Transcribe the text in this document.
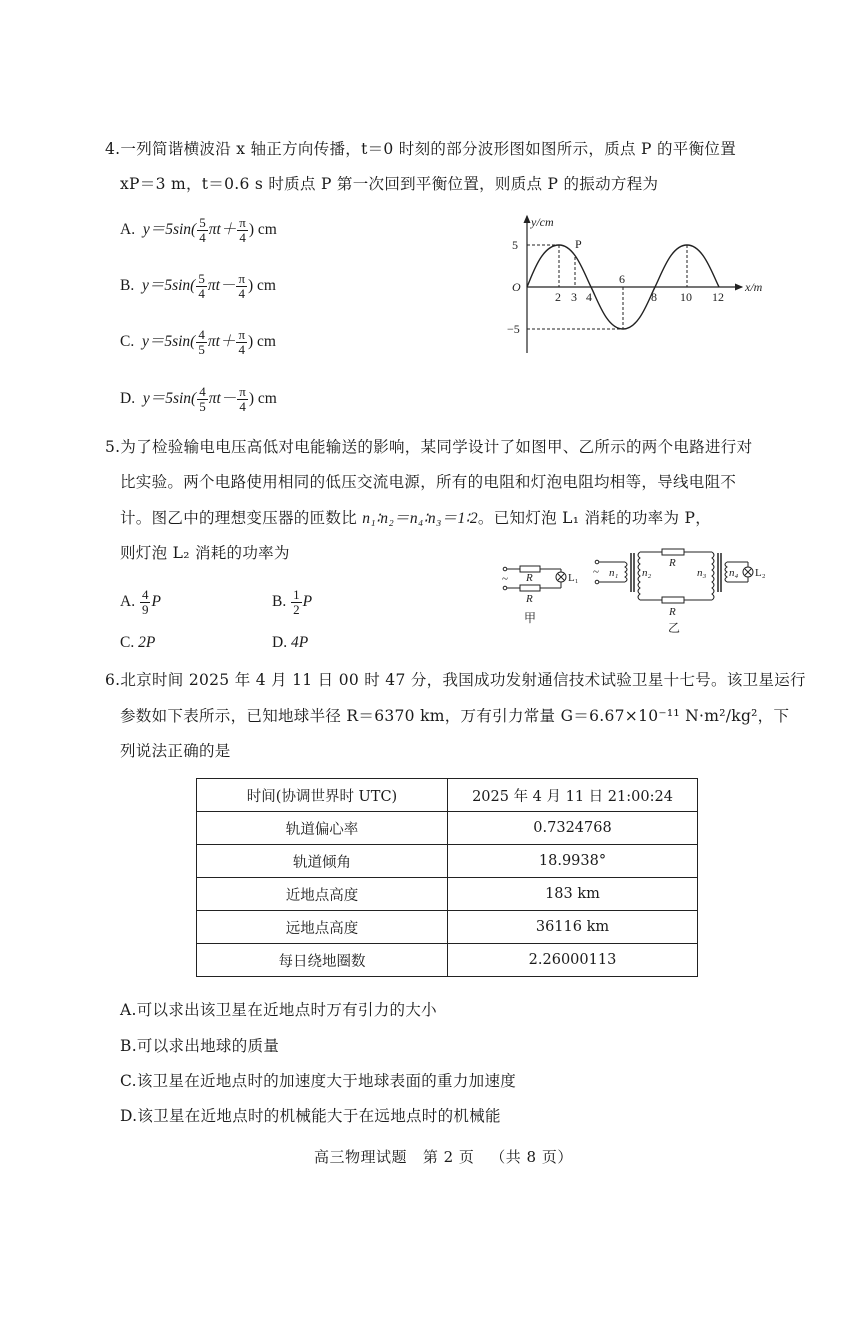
4.一列简谐横波沿 x 轴正方向传播，t＝0 时刻的部分波形图如图所示，质点 P 的平衡位置
xP＝3 m，t＝0.6 s 时质点 P 第一次回到平衡位置，则质点 P 的振动方程为
A. $y=5\sin( \frac{5}{4} \pi t+ \frac{\pi}{4}$ ) cm
B. $y=5\sin( \frac{5}{4} \pi t- \frac{\pi}{4}$ ) cm
C. $y=5\sin( \frac{4}{5} \pi t+ \frac{\pi}{4}$ ) cm
D. $y=5\sin( \frac{4}{5} \pi t- \frac{\pi}{4}$ ) cm
y/cm
x/m
O
5
−5
2 3 4
6
8 10 12
P
5.为了检验输电电压高低对电能输送的影响，某同学设计了如图甲、乙所示的两个电路进行对
比实验。两个电路使用相同的低压交流电源，所有的电阻和灯泡电阻均相等，导线电阻不
计。图乙中的理想变压器的匝数比 n₁∶n₂＝n₄∶n₃＝1∶2。已知灯泡 L₁ 消耗的功率为 P，
则灯泡 L₂ 消耗的功率为
A. $\frac{4}{9}$ P	B. $\frac{1}{2}$ P
C. 2P	D. 4P
~ R
R
L₁
甲
~ n₁ n₂
R
n₃ n₄ L₂
R
乙
6.北京时间 2025 年 4 月 11 日 00 时 47 分，我国成功发射通信技术试验卫星十七号。该卫星运行
参数如下表所示，已知地球半径 R＝6370 km，万有引力常量 G＝6.67×10⁻¹¹ N·m²/kg²，下
列说法正确的是
时间(协调世界时 UTC)	2025 年 4 月 11 日 21:00:24
轨道偏心率	0.7324768
轨道倾角	18.9938°
近地点高度	183 km
远地点高度	36116 km
每日绕地圈数	2.26000113
A.可以求出该卫星在近地点时万有引力的大小
B.可以求出地球的质量
C.该卫星在近地点时的加速度大于地球表面的重力加速度
D.该卫星在近地点时的机械能大于在远地点时的机械能
高三物理试题 第 2 页 （共 8 页）
